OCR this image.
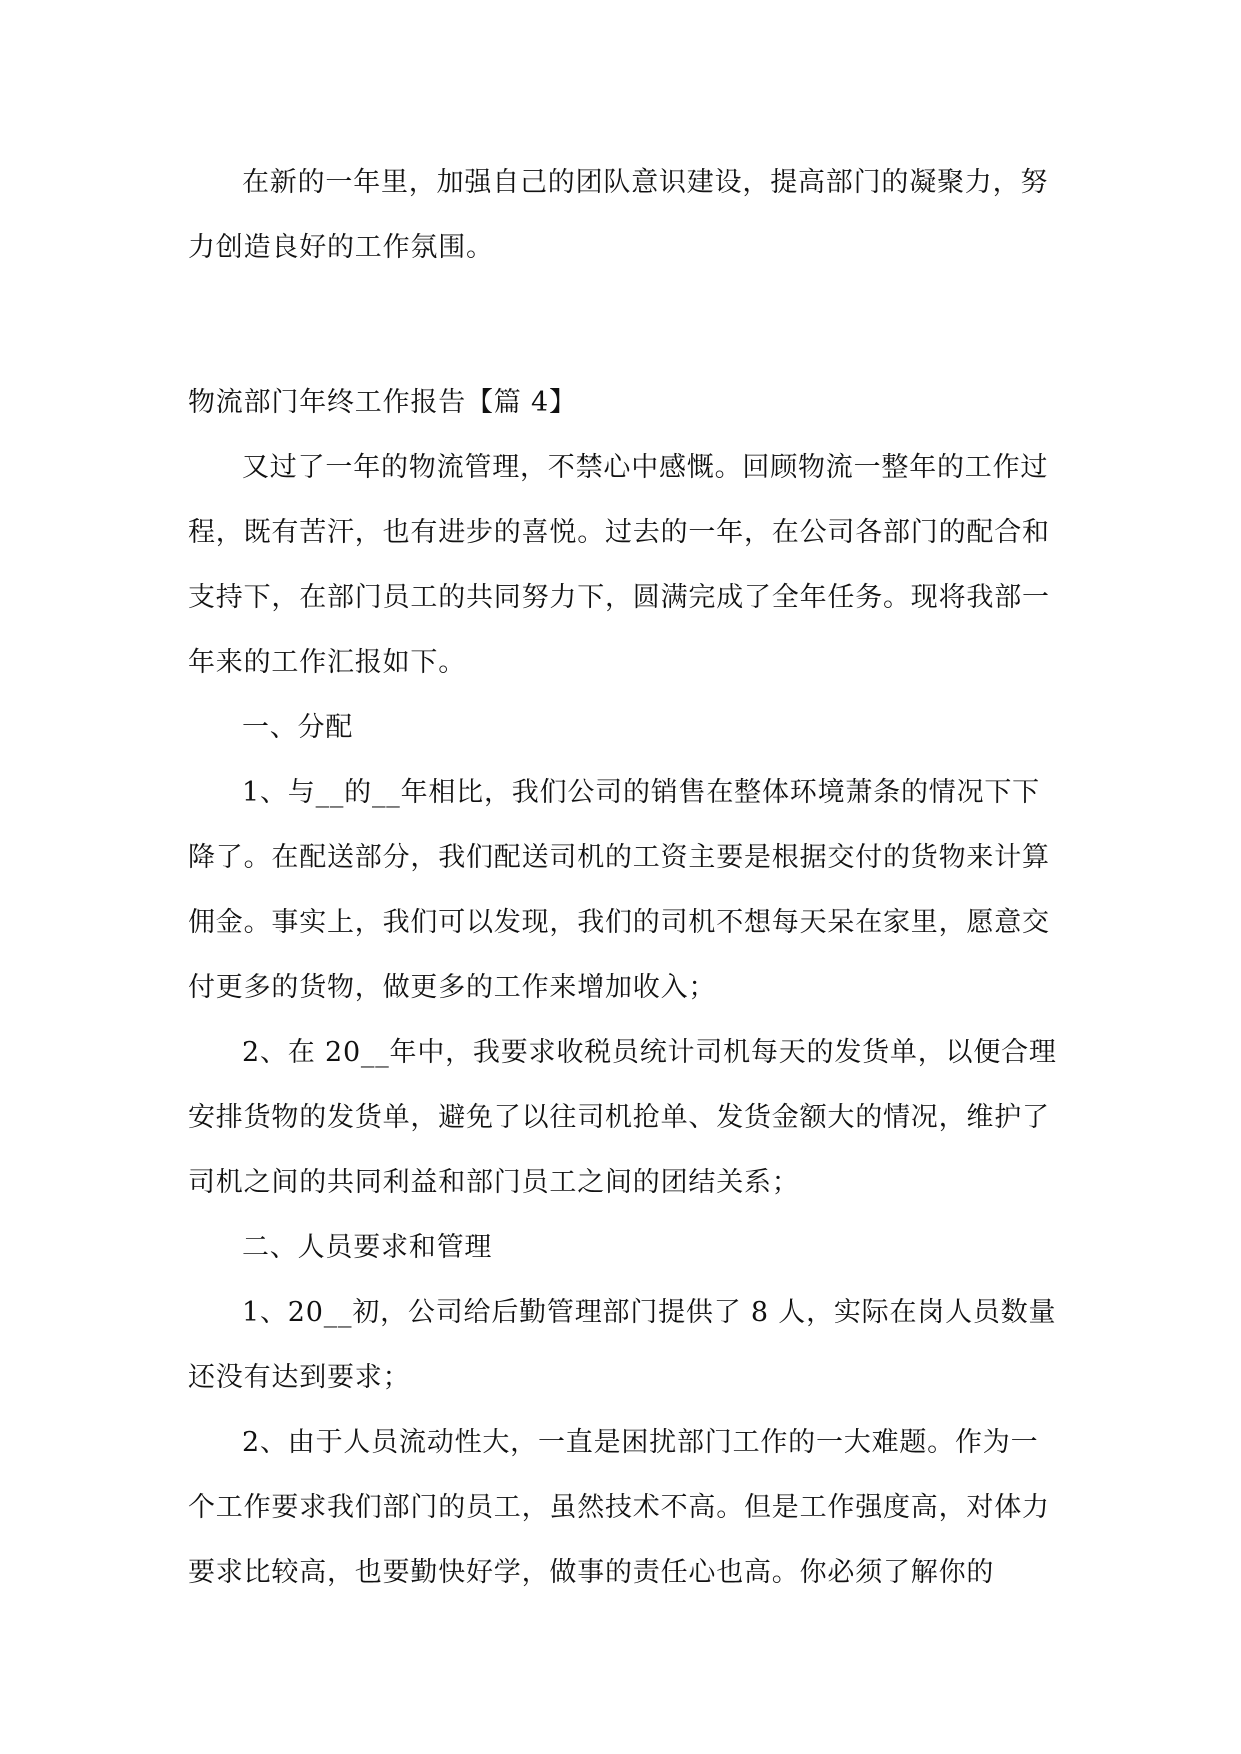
在新的一年里，加强自己的团队意识建设，提高部门的凝聚力，努力创造良好的工作氛围。

物流部门年终工作报告【篇 4】

又过了一年的物流管理，不禁心中感慨。回顾物流一整年的工作过程，既有苦汗，也有进步的喜悦。过去的一年，在公司各部门的配合和支持下，在部门员工的共同努力下，圆满完成了全年任务。现将我部一年来的工作汇报如下。

一、分配

1、与__的__年相比，我们公司的销售在整体环境萧条的情况下下降了。在配送部分，我们配送司机的工资主要是根据交付的货物来计算佣金。事实上，我们可以发现，我们的司机不想每天呆在家里，愿意交付更多的货物，做更多的工作来增加收入；

2、在 20__年中，我要求收税员统计司机每天的发货单，以便合理安排货物的发货单，避免了以往司机抢单、发货金额大的情况，维护了司机之间的共同利益和部门员工之间的团结关系；

二、人员要求和管理

1、20__初，公司给后勤管理部门提供了 8 人，实际在岗人员数量还没有达到要求；

2、由于人员流动性大，一直是困扰部门工作的一大难题。作为一个工作要求我们部门的员工，虽然技术不高。但是工作强度高，对体力要求比较高，也要勤快好学，做事的责任心也高。你必须了解你的
